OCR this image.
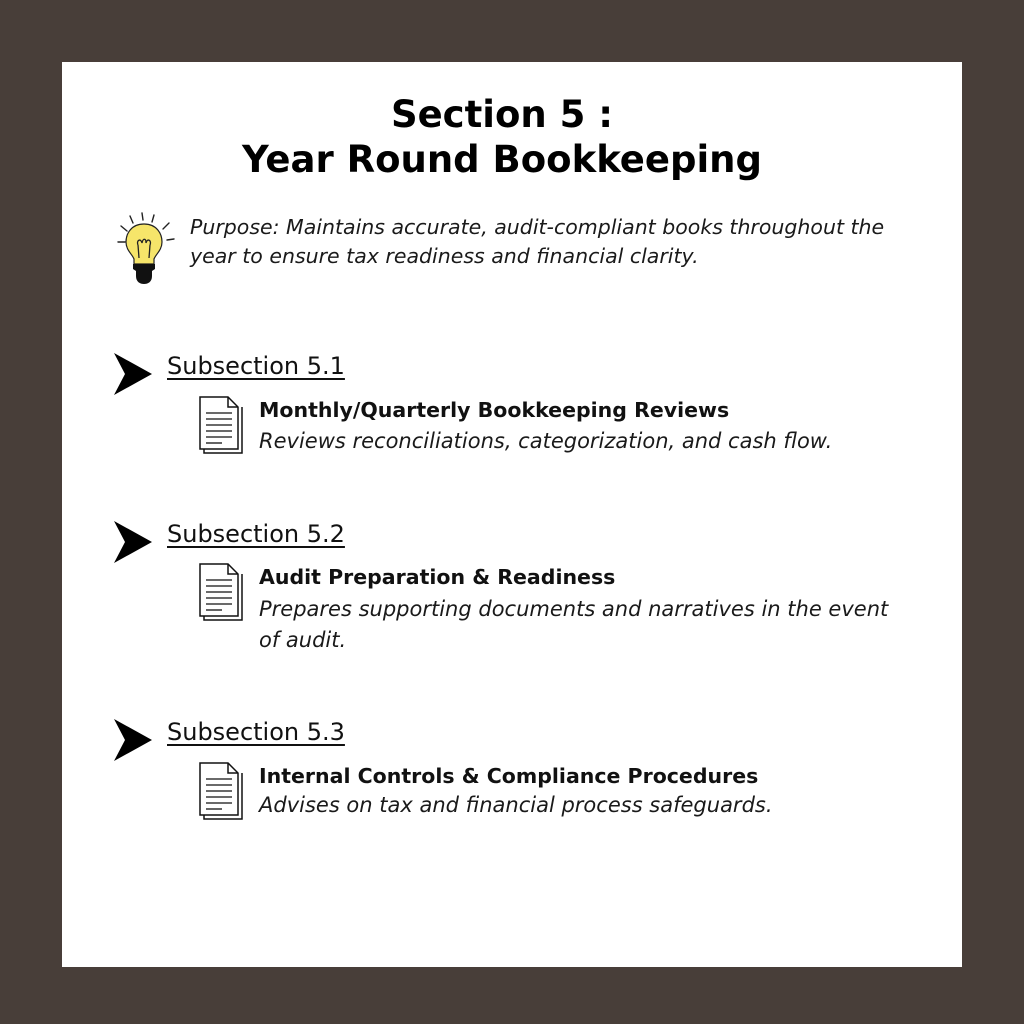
Section 5 :
Year Round Bookkeeping
Purpose: Maintains accurate, audit-compliant books throughout the year to ensure tax readiness and financial clarity.
Subsection 5.1
Monthly/Quarterly Bookkeeping Reviews
Reviews reconciliations, categorization, and cash flow.
Subsection 5.2
Audit Preparation & Readiness
Prepares supporting documents and narratives in the event of audit.
Subsection 5.3
Internal Controls & Compliance Procedures
Advises on tax and financial process safeguards.
